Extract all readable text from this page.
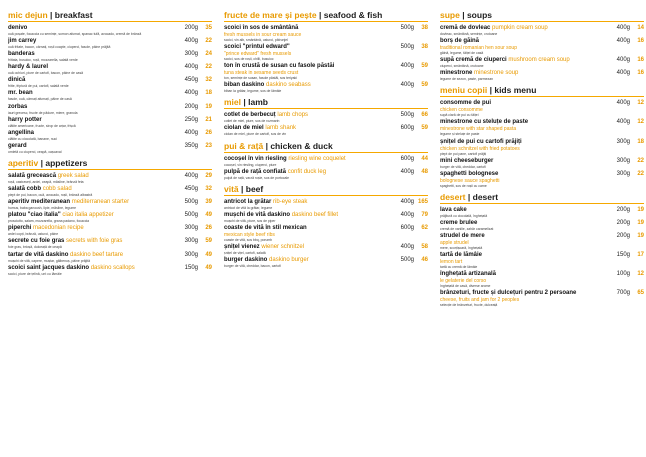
mic dejun | breakfast
denivo	200g	35
ouă poșate, focaccia cu semințe, somon afumat, spanac tufă, avocado, cremă de brânză
jim carrey	400g	22
ouă fritate, bacon, cârnați, roșii coapte, ciuperci, fasole, pâine prăjită
banderas	300g	24
frittata, busuioc, roșii, mozzarella, salată verde
hardy & laurel	400g	22
ouă ochiuri, piure de cartofi, bacon, pâine de casă
dinică	450g	32
fritte, friptură de pui, cartofi, salată verde
mr. bean	400g	18
fasole, ouă, cârnați afumați, pâine de casă
zorbas	200g	19
iaurt grecesc, fructe de pădure, miere, granola
harry potter	250g	21
clătite americane, fructe, sirop de arțar, frișcă
angellina	400g	26
clătite cu ciocolată, banane, nuci
gerard	350g	23
omletă cu ciuperci, ceapă, cașcaval
aperitiv | appetizers
salată grecească greek salad	400g	29
roșii, castraveți, ardei, ceapă, măsline, brânză feta
salată cobb cobb salad	450g	32
piept de pui, bacon, ouă, avocado, roșii, brânză albastră
aperitiv mediteranean mediterranean starter	500g	39
humus, baba ganoush, lipie, măsline, legume
platou "ciao italia" ciao italia appetizer	500g	49
prosciutto, salam, mozzarella, grana padano, focaccia
piperchi macedonian recipe	300g	26
ardei copți, brânză, usturoi, pâine
secrete cu foie gras secrets with foie gras	300g	59
foie gras, brioșă, dulceață de ceapă
tartar de vită daskino daskino beef tartare	300g	49
mușchi de vită, capere, muștar, gălbenuș, pâine prăjită
scoici saint jacques daskino daskino scallops	150g	49
scoici, piure de țelină, unt cu lămâie
fructe de mare și pește | seafood & fish
scoici în sos de smântână	500g	38
fresh mussels in sour cream sauce
scoici, vin alb, smântână, usturoi, pătrunjel
scoici "printul edward"	500g	38
"prince edward" fresh mussels
scoici, sos de roșii, chilli, busuioc
ton în crustă de susan cu fasole păstăi	400g	59
tuna steak in sesame seeds crust
ton, semințe de susan, fasole păstăi, sos teriyaki
biban daskino daskino seabass	400g	59
biban la grătar, legume, sos de lămâie
miel | lamb
cotlet de berbecuț lamb chops	500g	66
cotlet de miel, piure, sos de rozmarin
ciolan de miel lamb shank	600g	59
ciolan de miel, piure de cartofi, sos de vin
pui & rață | chicken & duck
cocoșel în vin riesling riesling wine coquelet	600g	44
cocoșel, vin riesling, ciuperci, piure
pulpă de rață confiată confit duck leg	400g	48
pulpă de rață, varză roșie, sos de portocale
vită | beef
antricot la grătar rib-eye steak	400g 165
antricot de vită la grătar, legume
mușchi de vită daskino daskino beef fillet	400g	79
mușchi de vită, piure, sos de piper
coaste de vită în stil mexican	600g	62
mexican style beef ribs
coaste de vită, sos bbq, porumb
șnițel vienez wiener schnitzel	400g	58
șnițel de vițel, cartofi, salată
burger daskino daskino burger	500g	46
burger de vită, cheddar, bacon, cartofi
supe | soups
cremă de dovleac pumpkin cream soup	400g	14
dovleac, smântână, semințe, crutoane
borș de găină	400g	16
traditional romanian hen sour soup
găină, legume, tăiței de casă
supă cremă de ciuperci mushroom cream soup	400g	16
ciuperci, smântână, crutoane
minestrone minestrone soup	400g	16
legume de sezon, paste, parmezan
meniu copii | kids menu
consomme de pui	400g	12
chicken consomme
supă clară de pui cu tăiței
minestrone cu steluțe de paste	400g	12
minestrone with star shaped pasta
legume și steluțe de paste
șnițel de pui cu cartofi prăjiți	300g	18
chicken schnitzel with fried potatoes
piept de pui pane, cartofi prăjiți
mini cheeseburger	300g	22
burger de vită, cheddar, cartofi
spaghetti bolognese	300g	22
bolognese sauce spaghetti
spaghetti, sos de roșii cu carne
desert | desert
lava cake	200g	19
prăjitură cu ciocolată, înghețată
creme brulee	200g	19
cremă de vanilie, zahăr caramelizat
strudel de mere	200g	19
apple strudel
mere, scorțișoară, înghețată
tartă de lămâie	150g	17
lemon tart
tartă cu cremă de lămâie
înghețată artizanală	100g	12
le gelaterie del corso
înghețată de casă, diverse arome
brânzeturi, fructe și dulcețuri pentru 2 persoane	700g	65
cheese, fruits and jam for 2 peoples
selecție de brânzeturi, fructe, dulceață
